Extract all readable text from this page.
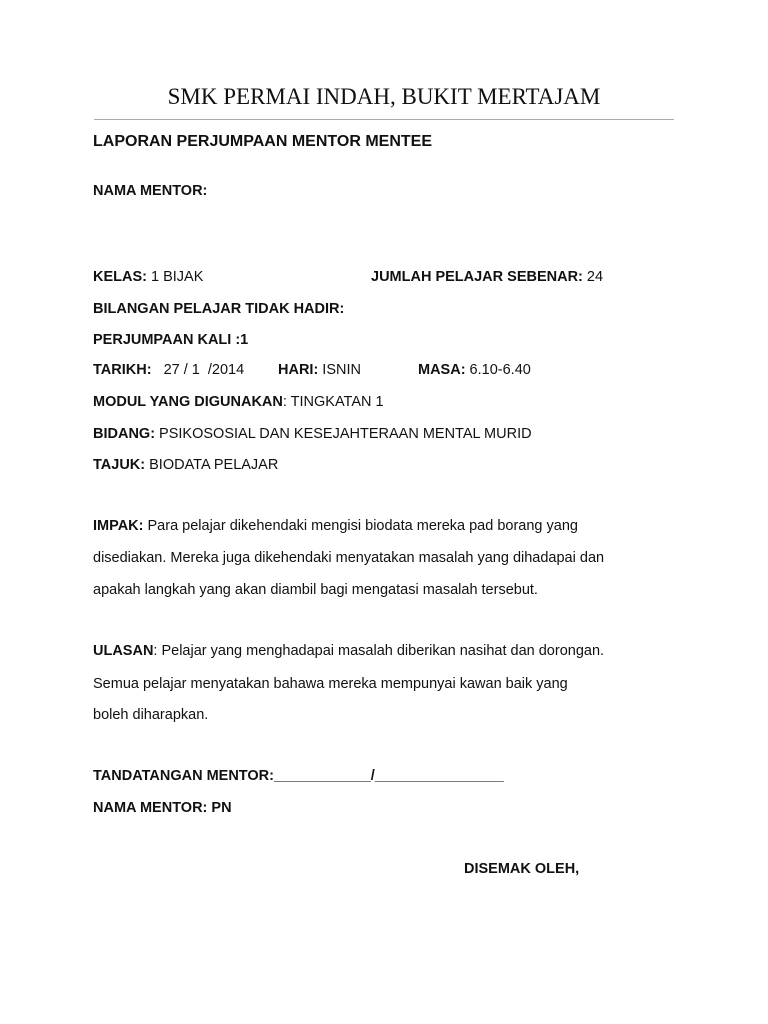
SMK PERMAI INDAH, BUKIT MERTAJAM
LAPORAN PERJUMPAAN MENTOR MENTEE
NAMA MENTOR:
KELAS: 1 BIJAK	JUMLAH PELAJAR SEBENAR: 24
BILANGAN PELAJAR TIDAK HADIR:
PERJUMPAAN KALI :1
TARIKH: 27 / 1  /2014 HARI: ISNIN	MASA: 6.10-6.40
MODUL YANG DIGUNAKAN: TINGKATAN 1
BIDANG: PSIKOSOSIAL DAN KESEJAHTERAAN MENTAL MURID
TAJUK: BIODATA PELAJAR
IMPAK: Para pelajar dikehendaki mengisi biodata mereka pad borang yang
disediakan. Mereka juga dikehendaki menyatakan masalah yang dihadapai dan
apakah langkah yang akan diambil bagi mengatasi masalah tersebut.
ULASAN: Pelajar yang menghadapai masalah diberikan nasihat dan dorongan.
Semua pelajar menyatakan bahawa mereka mempunyai kawan baik yang
boleh diharapkan.
TANDATANGAN MENTOR:____________/________________
NAMA MENTOR: PN
DISEMAK OLEH,
